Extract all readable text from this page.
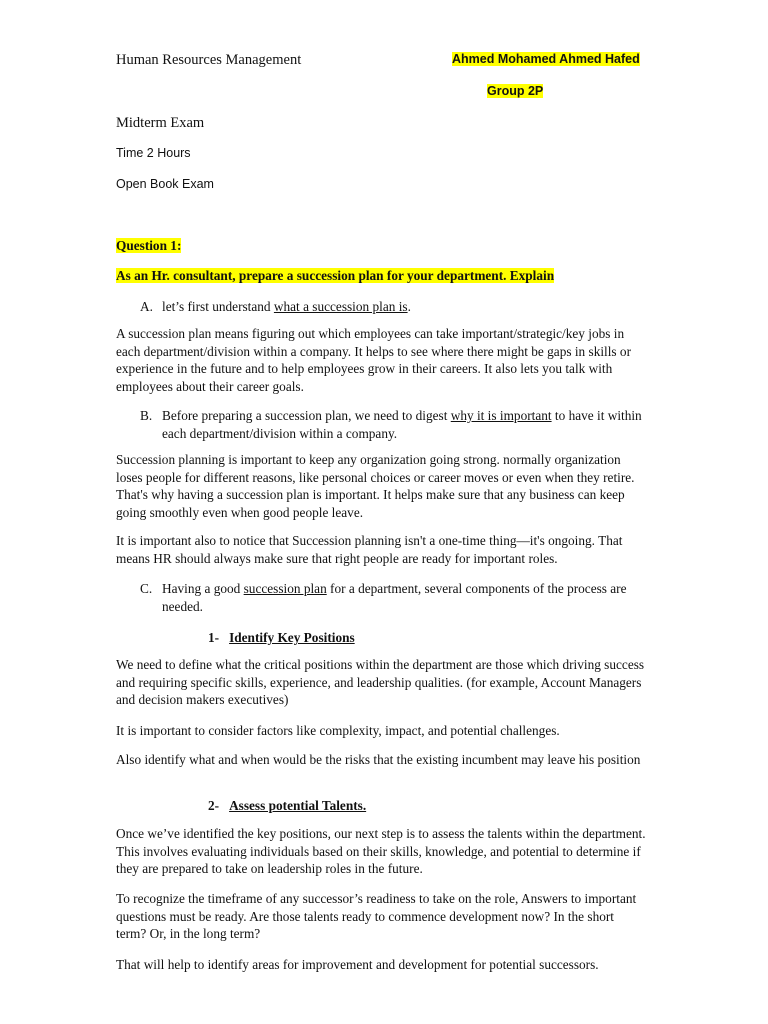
Human Resources Management	Ahmed Mohamed Ahmed Hafed
Group 2P
Midterm Exam
Time 2 Hours
Open Book Exam
Question 1:
As an Hr. consultant, prepare a succession plan for your department. Explain
A. let’s first understand what a succession plan is.

A succession plan means figuring out which employees can take important/strategic/key jobs in each department/division within a company. It helps to see where there might be gaps in skills or experience in the future and to help employees grow in their careers. It also lets you talk with employees about their career goals.

B. Before preparing a succession plan, we need to digest why it is important to have it within each department/division within a company.

Succession planning is important to keep any organization going strong. normally organization loses people for different reasons, like personal choices or career moves or even when they retire. That's why having a succession plan is important. It helps make sure that any business can keep going smoothly even when good people leave.

It is important also to notice that Succession planning isn't a one-time thing—it's ongoing. That means HR should always make sure that right people are ready for important roles.

C. Having a good succession plan for a department, several components of the process are needed.
1- Identify Key Positions

We need to define what the critical positions within the department are those which driving success and requiring specific skills, experience, and leadership qualities. (for example, Account Managers and decision makers executives)

It is important to consider factors like complexity, impact, and potential challenges.

Also identify what and when would be the risks that the existing incumbent may leave his position

2- Assess potential Talents.

Once we’ve identified the key positions, our next step is to assess the talents within the department. This involves evaluating individuals based on their skills, knowledge, and potential to determine if they are prepared to take on leadership roles in the future.

To recognize the timeframe of any successor’s readiness to take on the role, Answers to important questions must be ready. Are those talents ready to commence development now? In the short term? Or, in the long term?

That will help to identify areas for improvement and development for potential successors.
